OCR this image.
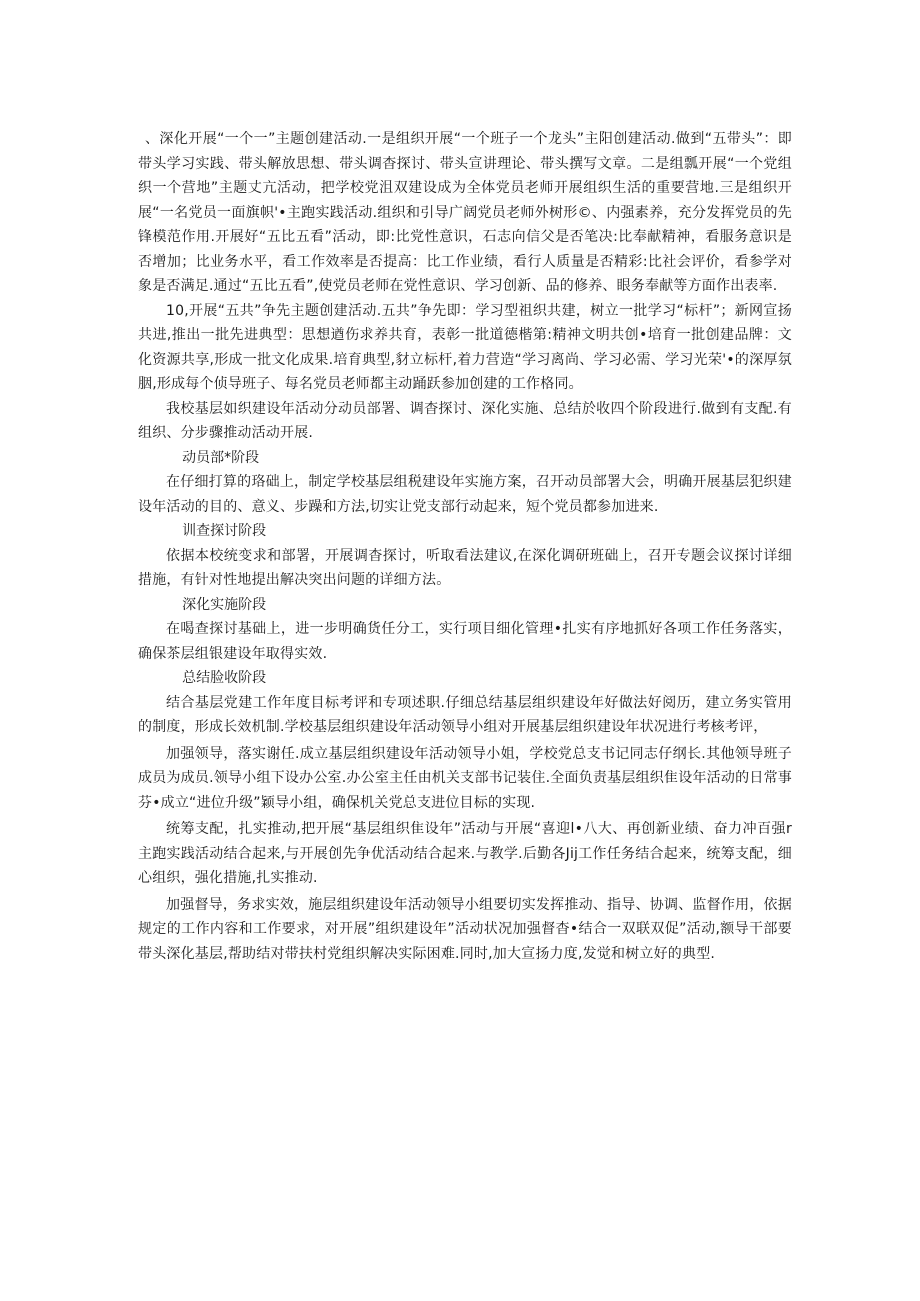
、深化开展“一个一”主题创建活动.一是组织开展“一个班子一个龙头”主阳创建活动.做到“五带头”：即带头学习实践、带头解放思想、带头调杳探讨、带头宣讲理论、带头撰写文章。二是组瓢开展“一个党组织一个营地”主题丈亢活动，把学校党沮双建设成为全体党员老师开展组织生活的重要营地.三是组织开展“一名党员一面旗帜'•主跑实践活动.组织和引导广阔党员老师外树形©、内强素养，充分发挥党员的先锋模范作用.开展好“五比五看”活动，即:比党性意识，石志向信父是否笔决:比奉献精神，看服务意识是否增加；比业务水平，看工作效率是否提高：比工作业绩，看行人质量是否精彩:比社会评价，看参学对象是否满足.通过“五比五看”,使党员老师在党性意识、学习创新、品的修养、眼务奉献等方面作出表率.

10,开展“五共”争先主题创建活动.五共”争先即：学习型祖织共建，树立一批学习“标杆”；新网宣扬共进,推出一批先进典型：思想遒伤求养共育，表彰一批道德楷第:精神文明共创•培育一批创建品牌：文化资源共享,形成一批文化成果.培育典型,豺立标杆,着力营造“学习离尚、学习必需、学习光荣'•的深厚氛胭,形成每个侦导班子、每名党员老师都主动踊跃参加创建的工作格同。

我校基层如织建设年活动分动员部署、调杳探讨、深化实施、总结於收四个阶段进行.做到有支配.有组织、分步骤推动活动开展.

动员部*阶段

在仔细打算的珞础上，制定学校基层组税建设年实施方案，召开动员部署大会，明确开展基层犯织建设年活动的目的、意义、步躁和方法,切实让党支部行动起来，短个党员都参加进来.

训查探讨阶段

依据本校统变求和部署，开展调杳探讨，听取看法建议,在深化调研班础上，召开专题会议探讨详细措施，有针对性地提出解决突出问题的详细方法。

深化实施阶段

在喝查探讨基础上，进一步明确货任分工，实行项目细化管理•扎实有序地抓好各项工作任务落实，确保茶层组银建设年取得实效.

总结脸收阶段

结合基层党建工作年度目标考评和专项述职.仔细总结基层组织建设年好做法好阅历，建立务实管用的制度，形成长效机制.学校基层组织建设年活动领导小组对开展基层组织建设年状况进行考核考评，

加强领导，落实谢任.成立基层组织建设年活动领导小姐，学校党总支书记同志仔纲长.其他领导班子成员为成员.领导小组下设办公室.办公室主任由机关支部书记装住.全面负责基层组织隹设年活动的日常事芬•成立“进位升级”颖导小组，确保机关党总支进位目标的实现.

统筹支配，扎实推动,把开展“基层组织隹设年”活动与开展“喜迎l•八大、再创新业绩、奋力冲百强r主跑实践活动结合起来,与开展创先争优活动结合起来.与教学.后勤各Jij工作任务结合起来，统筹支配，细心组织，强化措施,扎实推动.

加强督导，务求实效，施层组织建设年活动领导小组要切实发挥推动、指导、协调、监督作用，依据规定的工作内容和工作要求，对开展”组织建设年”活动状况加强督杳•结合一双联双促”活动,额导干部要带头深化基层,帮助结对带扶村党组织解决实际困难.同时,加大宣扬力度,发觉和树立好的典型.
